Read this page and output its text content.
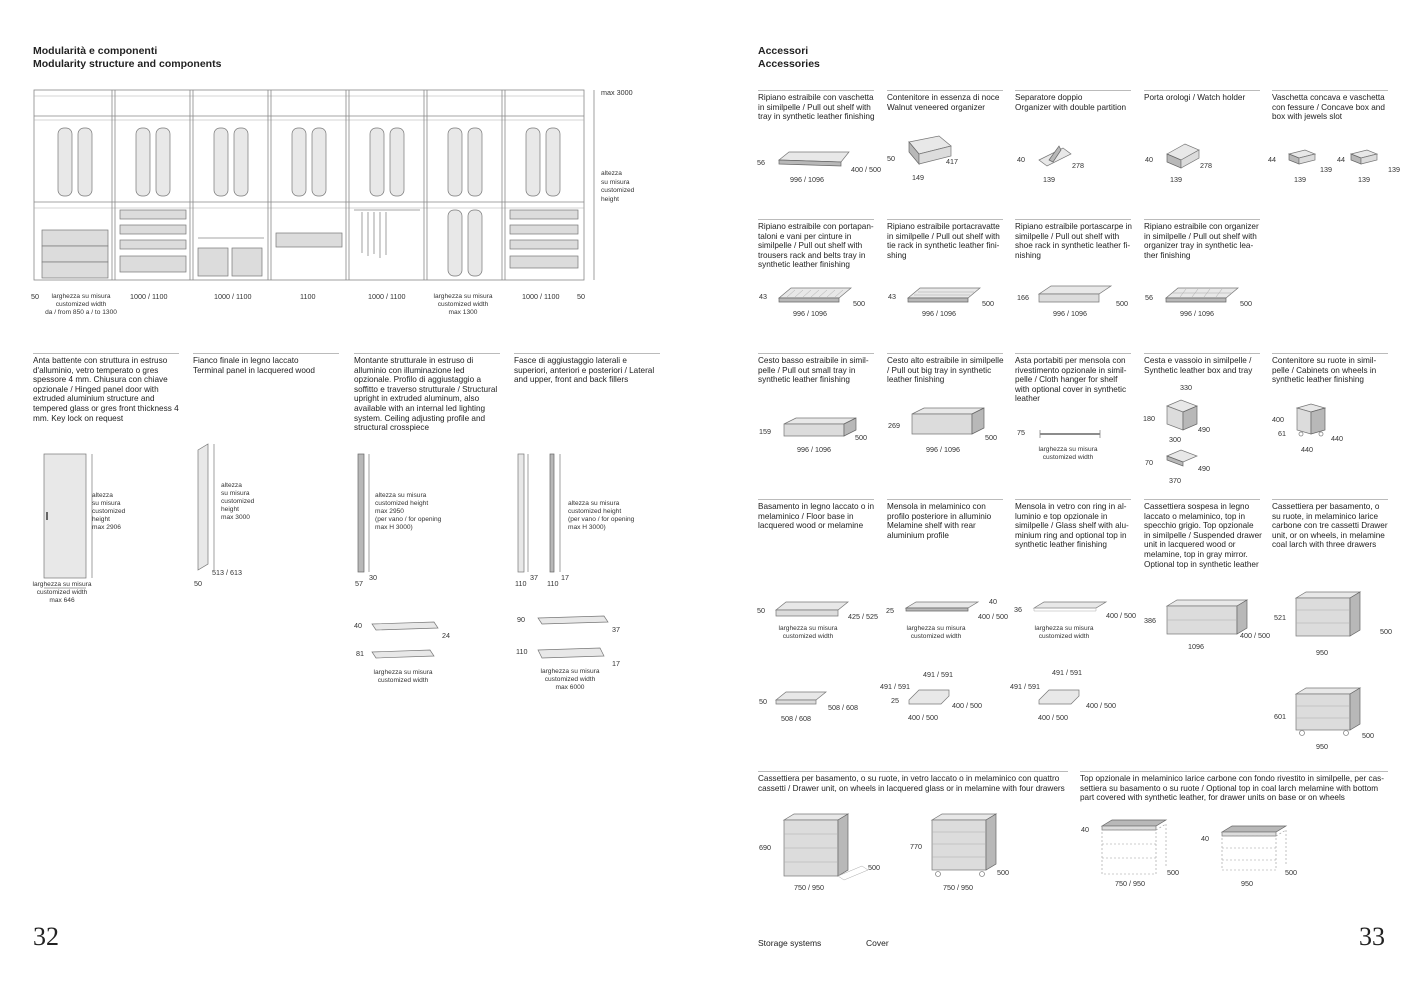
Modularità e componenti
Modularity structure and components
max 3000
altezza
su misura
customized
height
50	1000 / 1100	1000 / 1100	1100	1000 / 1100	1000 / 1100 50
larghezza su misura
customized width
da / from 850 a / to 1300
larghezza su misura
customized width
max 1300
Anta battente con struttura in estruso d'alluminio, vetro temperato o gres spessore 4 mm. Chiusura con chiave opzionale / Hinged panel door with extruded aluminium structure and tempered glass or gres front thickness 4 mm. Key lock on request
Fianco finale in legno laccato
Terminal panel in lacquered wood
Montante strutturale in estruso di alluminio con illuminazione led opzionale. Profilo di aggiustaggio a soffitto e traverso strutturale / Structural upright in extruded aluminum, also available with an internal led lighting system. Ceiling adjusting profile and structural crosspiece
Fasce di aggiustaggio laterali e superiori, anteriori e posteriori / Lateral and upper, front and back fillers
altezza
su misura
customized
height
max 2906
larghezza su misura
customized width
max 646
altezza
su misura
customized
height
max 3000
50
513 / 613
altezza su misura
customized height
max 2950
(per vano / for opening
max H 3000)
57
30
40
24
81
larghezza su misura
customized width
altezza su misura
customized height
(per vano / for opening
max H 3000)
110
37
110
17
90
37
110
17
larghezza su misura
customized width
max 6000
32
Accessori
Accessories
Ripiano estraibile con vaschetta in similpelle / Pull out shelf with tray in synthetic leather finishing
Contenitore in essenza di noce
Walnut veneered organizer
Separatore doppio
Organizer with double partition
Porta orologi / Watch holder	Vaschetta concava e vaschetta con fessure / Concave box and box with jewels slot
56
996 / 1096
400 / 500
50
149
417	40
139
278
40
139
278
44
139
139
44
139
139
Ripiano estraibile con portapantaloni e vani per cinture in similpelle / Pull out shelf with trousers rack and belts tray in synthetic leather finishing
Ripiano estraibile portacravatte in similpelle / Pull out shelf with tie rack in synthetic leather finishing
Ripiano estraibile portascarpe in similpelle / Pull out shelf with shoe rack in synthetic leather finishing
Ripiano estraibile con organizer in similpelle / Pull out shelf with organizer tray in synthetic leather finishing
43
996 / 1096
500
43
996 / 1096
500
166
996 / 1096
500
56
996 / 1096
500
Cesto basso estraibile in similpelle / Pull out small tray in synthetic leather finishing
Cesto alto estraibile in similpelle / Pull out big tray in synthetic leather finishing
Asta portabiti per mensola con rivestimento opzionale in similpelle / Cloth hanger for shelf with optional cover in synthetic leather
Cesta e vassoio in similpelle / Synthetic leather box and tray
Contenitore su ruote in similpelle / Cabinets on wheels in synthetic leather finishing
159
996 / 1096
500
269
996 / 1096
500
75
larghezza su misura
customized width
330
180
300
490
70
370
490
400
61
440
440
Basamento in legno laccato o in melaminico / Floor base in lacquered wood or melamine
Mensola in melaminico con profilo posteriore in alluminio Melamine shelf with rear aluminium profile
Mensola in vetro con ring in alluminio e top opzionale in similpelle / Glass shelf with aluminium ring and optional top in synthetic leather finishing
Cassettiera sospesa in legno laccato o melaminico, top in specchio grigio. Top opzionale in similpelle / Suspended drawer unit in lacquered wood or melamine, top in gray mirror. Optional top in synthetic leather
Cassettiera per basamento, o su ruote, in melaminico larice carbone con tre cassetti Drawer unit, or on wheels, in melamine coal larch with three drawers
50
425 / 525
larghezza su misura
customized width
50
508 / 608
508 / 608
25
40
400 / 500
larghezza su misura
customized width
491 / 591
491 / 591
25
400 / 500
400 / 500
36
400 / 500
larghezza su misura
customized width
491 / 591
491 / 591
400 / 500
400 / 500
386
1096
400 / 500
521
950
500
601
950
500
Cassettiera per basamento, o su ruote, in vetro laccato o in melaminico con quattro cassetti / Drawer unit, on wheels in lacquered glass or in melamine with four drawers
Top opzionale in melaminico larice carbone con fondo rivestito in similpelle, per cassettiera su basamento o su ruote / Optional top in coal larch melamine with bottom part covered with synthetic leather, for drawer units on base or on wheels
690
750 / 950
500
770
750 / 950
500
40
750 / 950
500
40
950
500
Storage systems	Cover	33
